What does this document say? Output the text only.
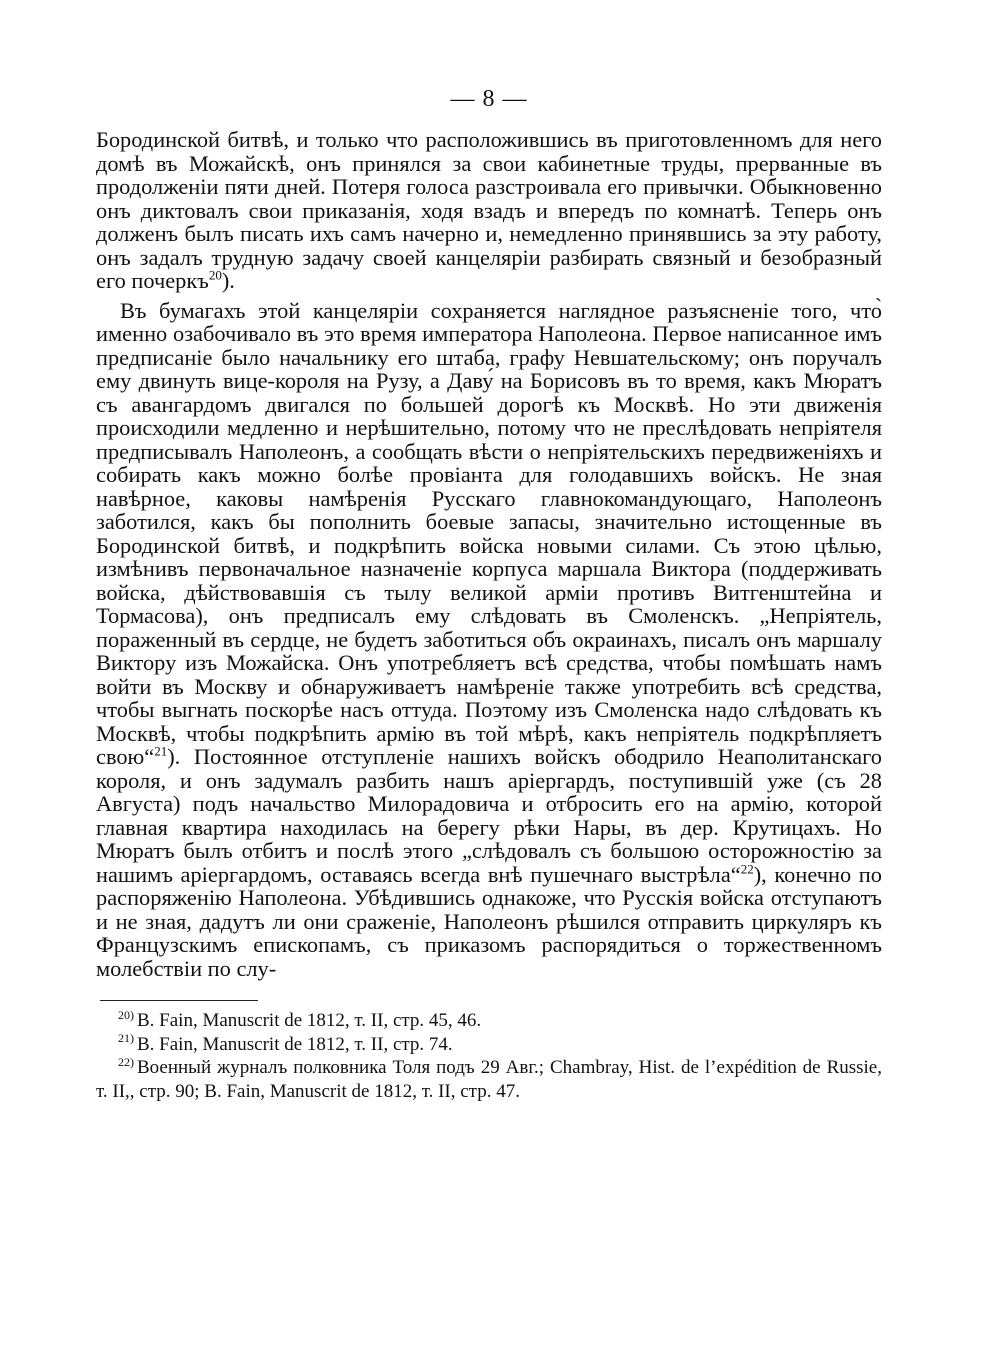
— 8 —

Бородинской битвѣ, и только что расположившись въ приготовленномъ для него домѣ въ Можайскѣ, онъ принялся за свои кабинетные труды, прерванные въ продолженіи пяти дней. Потеря голоса разстроивала его привычки. Обыкновенно онъ диктовалъ свои приказанія, ходя взадъ и впередъ по комнатѣ. Теперь онъ долженъ былъ писать ихъ самъ начерно и, немедленно принявшись за эту работу, онъ задалъ трудную задачу своей канцеляріи разбирать связный и безобразный его почеркъ$^{20}$).

Въ бумагахъ этой канцеляріи сохраняется наглядное разъясненіе того, что̀ именно озабочивало въ это время императора Наполеона. Первое написанное имъ предписаніе было начальнику его штаба, графу Невшательскому; онъ поручалъ ему двинуть вице-короля на Рузу, а Даву́ на Борисовъ въ то время, какъ Мюратъ съ авангардомъ двигался по большей дорогѣ къ Москвѣ. Но эти движенія происходили медленно и нерѣшительно, потому что не преслѣдовать непріятеля предписывалъ Наполеонъ, а сообщать вѣсти о непріятельскихъ передвиженіяхъ и собирать какъ можно болѣе провіанта для голодавшихъ войскъ. Не зная навѣрное, каковы намѣренія Русскаго главнокомандующаго, Наполеонъ заботился, какъ бы пополнить боевые запасы, значительно истощенные въ Бородинской битвѣ, и подкрѣпить войска новыми силами. Съ этою цѣлью, измѣнивъ первоначальное назначеніе корпуса маршала Виктора (поддерживать войска, дѣйствовавшія съ тылу великой арміи противъ Витгенштейна и Тормасова), онъ предписалъ ему слѣдовать въ Смоленскъ. „Непріятель, пораженный въ сердце, не будетъ заботиться объ окраинахъ, писалъ онъ маршалу Виктору изъ Можайска. Онъ употребляетъ всѣ средства, чтобы помѣшать намъ войти въ Москву и обнаруживаетъ намѣреніе также употребить всѣ средства, чтобы выгнать поскорѣе насъ оттуда. Поэтому изъ Смоленска надо слѣдовать къ Москвѣ, чтобы подкрѣпить армію въ той мѣрѣ, какъ непріятель подкрѣпляетъ свою“$^{21}$). Постоянное отступленіе нашихъ войскъ ободрило Неаполитанскаго короля, и онъ задумалъ разбить нашъ аріергардъ, поступившій уже (съ 28 Августа) подъ начальство Милорадовича и отбросить его на армію, которой главная квартира находилась на берегу рѣки Нары, въ дер. Крутицахъ. Но Мюратъ былъ отбитъ и послѣ этого „слѣдовалъ съ большою осторожностію за нашимъ аріергардомъ, оставаясь всегда внѣ пушечнаго выстрѣла“$^{22}$), конечно по распоряженію Наполеона. Убѣдившись однакоже, что Русскія войска отступаютъ и не зная, дадутъ ли они сраженіе, Наполеонъ рѣшился отправить циркуляръ къ Французскимъ епископамъ, съ приказомъ распорядиться о торжественномъ молебствіи по слу-

$^{20)}$ B. Fain, Manuscrit de 1812, т. II, стр. 45, 46.
$^{21)}$ B. Fain, Manuscrit de 1812, т. II, стр. 74.
$^{22)}$ Военный журналъ полковника Толя подъ 29 Авг.; Chambray, Hist. de l’expédition de Russie, т. II,, стр. 90; B. Fain, Manuscrit de 1812, т. II, стр. 47.
